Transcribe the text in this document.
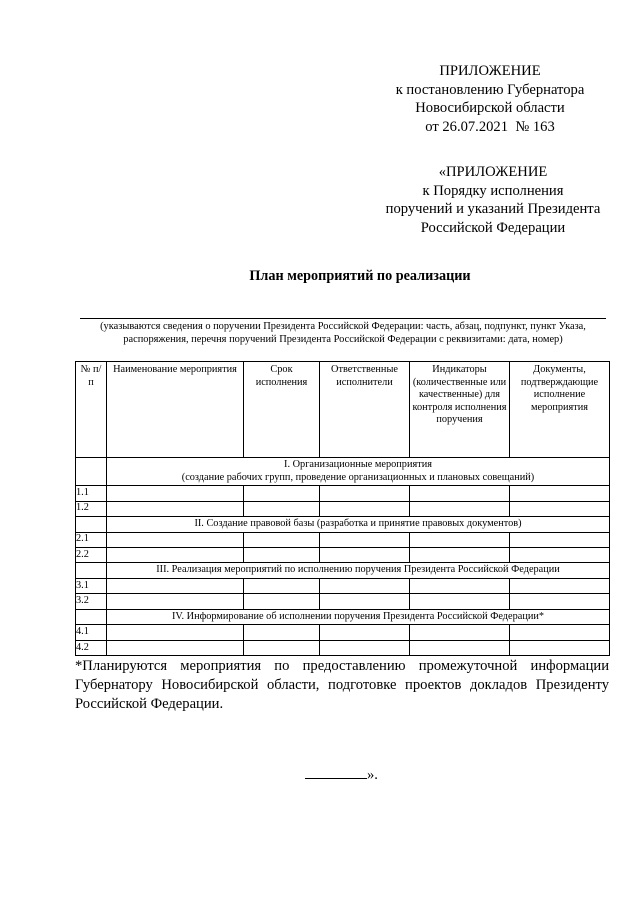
ПРИЛОЖЕНИЕ
к постановлению Губернатора
Новосибирской области
от 26.07.2021  № 163
«ПРИЛОЖЕНИЕ
к Порядку исполнения
поручений и указаний Президента
Российской Федерации
План мероприятий по реализации
(указываются сведения о поручении Президента Российской Федерации: часть, абзац, подпункт, пункт Указа, распоряжения, перечня поручений Президента Российской Федерации с реквизитами: дата, номер)
№ п/п	Наименование мероприятия	Срок исполнения	Ответственные исполнители	Индикаторы (количественные или качественные) для контроля исполнения поручения	Документы, подтверждающие исполнение мероприятия

	I. Организационные мероприятия
(создание рабочих групп, проведение организационных и плановых совещаний)				

1.1					
1.2					

	II. Создание правовой базы (разработка и принятие правовых документов)				

2.1					
2.2					

	III. Реализация мероприятий по исполнению поручения Президента Российской Федерации				

3.1					
3.2					

	IV. Информирование об исполнении поручения Президента Российской Федерации*				

4.1					
4.2					
*Планируются мероприятия по предоставлению промежуточной информации Губернатору Новосибирской области, подготовке проектов докладов Президенту Российской Федерации.
».
